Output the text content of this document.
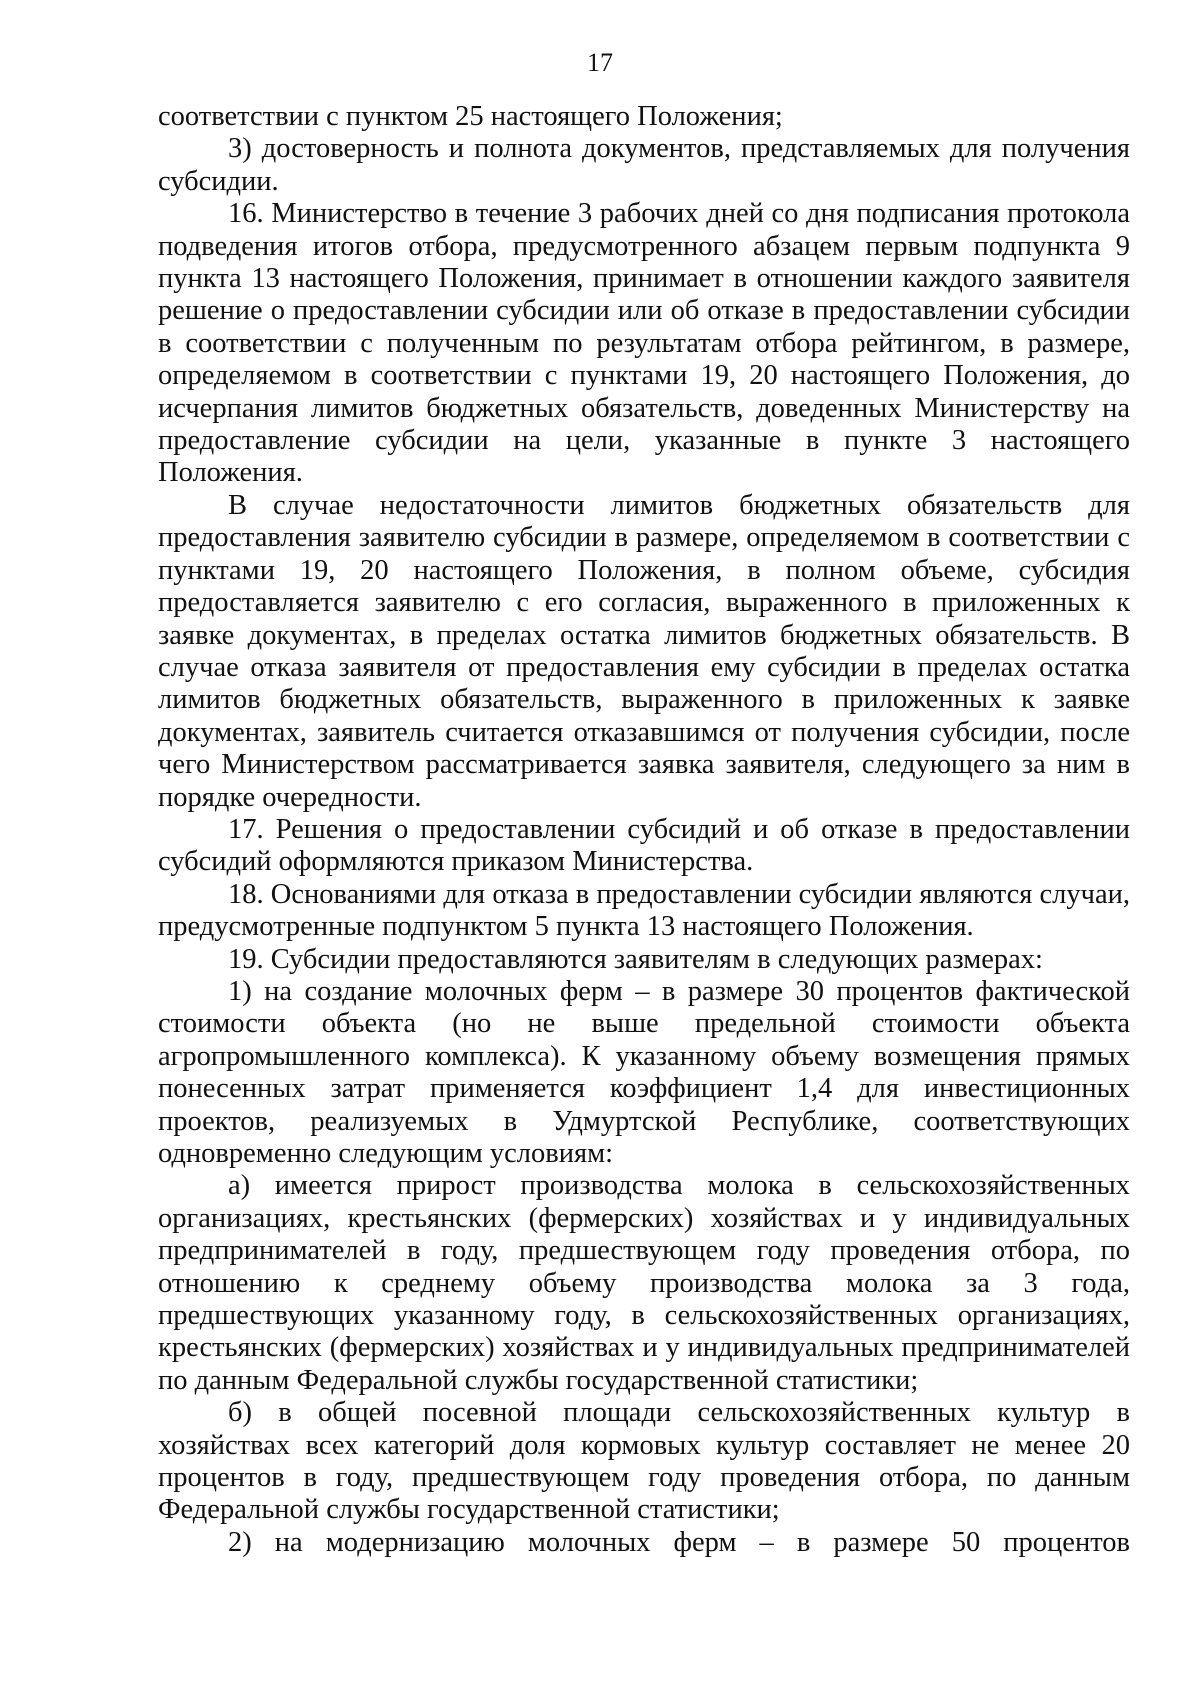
17

соответствии с пунктом 25 настоящего Положения;

3) достоверность и полнота документов, представляемых для получения субсидии.

16. Министерство в течение 3 рабочих дней со дня подписания протокола подведения итогов отбора, предусмотренного абзацем первым подпункта 9 пункта 13 настоящего Положения, принимает в отношении каждого заявителя решение о предоставлении субсидии или об отказе в предоставлении субсидии в соответствии с полученным по результатам отбора рейтингом, в размере, определяемом в соответствии с пунктами 19, 20 настоящего Положения, до исчерпания лимитов бюджетных обязательств, доведенных Министерству на предоставление субсидии на цели, указанные в пункте 3 настоящего Положения.

В случае недостаточности лимитов бюджетных обязательств для предоставления заявителю субсидии в размере, определяемом в соответствии с пунктами 19, 20 настоящего Положения, в полном объеме, субсидия предоставляется заявителю с его согласия, выраженного в приложенных к заявке документах, в пределах остатка лимитов бюджетных обязательств. В случае отказа заявителя от предоставления ему субсидии в пределах остатка лимитов бюджетных обязательств, выраженного в приложенных к заявке документах, заявитель считается отказавшимся от получения субсидии, после чего Министерством рассматривается заявка заявителя, следующего за ним в порядке очередности.

17. Решения о предоставлении субсидий и об отказе в предоставлении субсидий оформляются приказом Министерства.

18. Основаниями для отказа в предоставлении субсидии являются случаи, предусмотренные подпунктом 5 пункта 13 настоящего Положения.

19. Субсидии предоставляются заявителям в следующих размерах:

1) на создание молочных ферм – в размере 30 процентов фактической стоимости объекта (но не выше предельной стоимости объекта агропромышленного комплекса). К указанному объему возмещения прямых понесенных затрат применяется коэффициент 1,4 для инвестиционных проектов, реализуемых в Удмуртской Республике, соответствующих одновременно следующим условиям:

а) имеется прирост производства молока в сельскохозяйственных организациях, крестьянских (фермерских) хозяйствах и у индивидуальных предпринимателей в году, предшествующем году проведения отбора, по отношению к среднему объему производства молока за 3 года, предшествующих указанному году, в сельскохозяйственных организациях, крестьянских (фермерских) хозяйствах и у индивидуальных предпринимателей по данным Федеральной службы государственной статистики;

б) в общей посевной площади сельскохозяйственных культур в хозяйствах всех категорий доля кормовых культур составляет не менее 20 процентов в году, предшествующем году проведения отбора, по данным Федеральной службы государственной статистики;

2) на модернизацию молочных ферм – в размере 50 процентов
